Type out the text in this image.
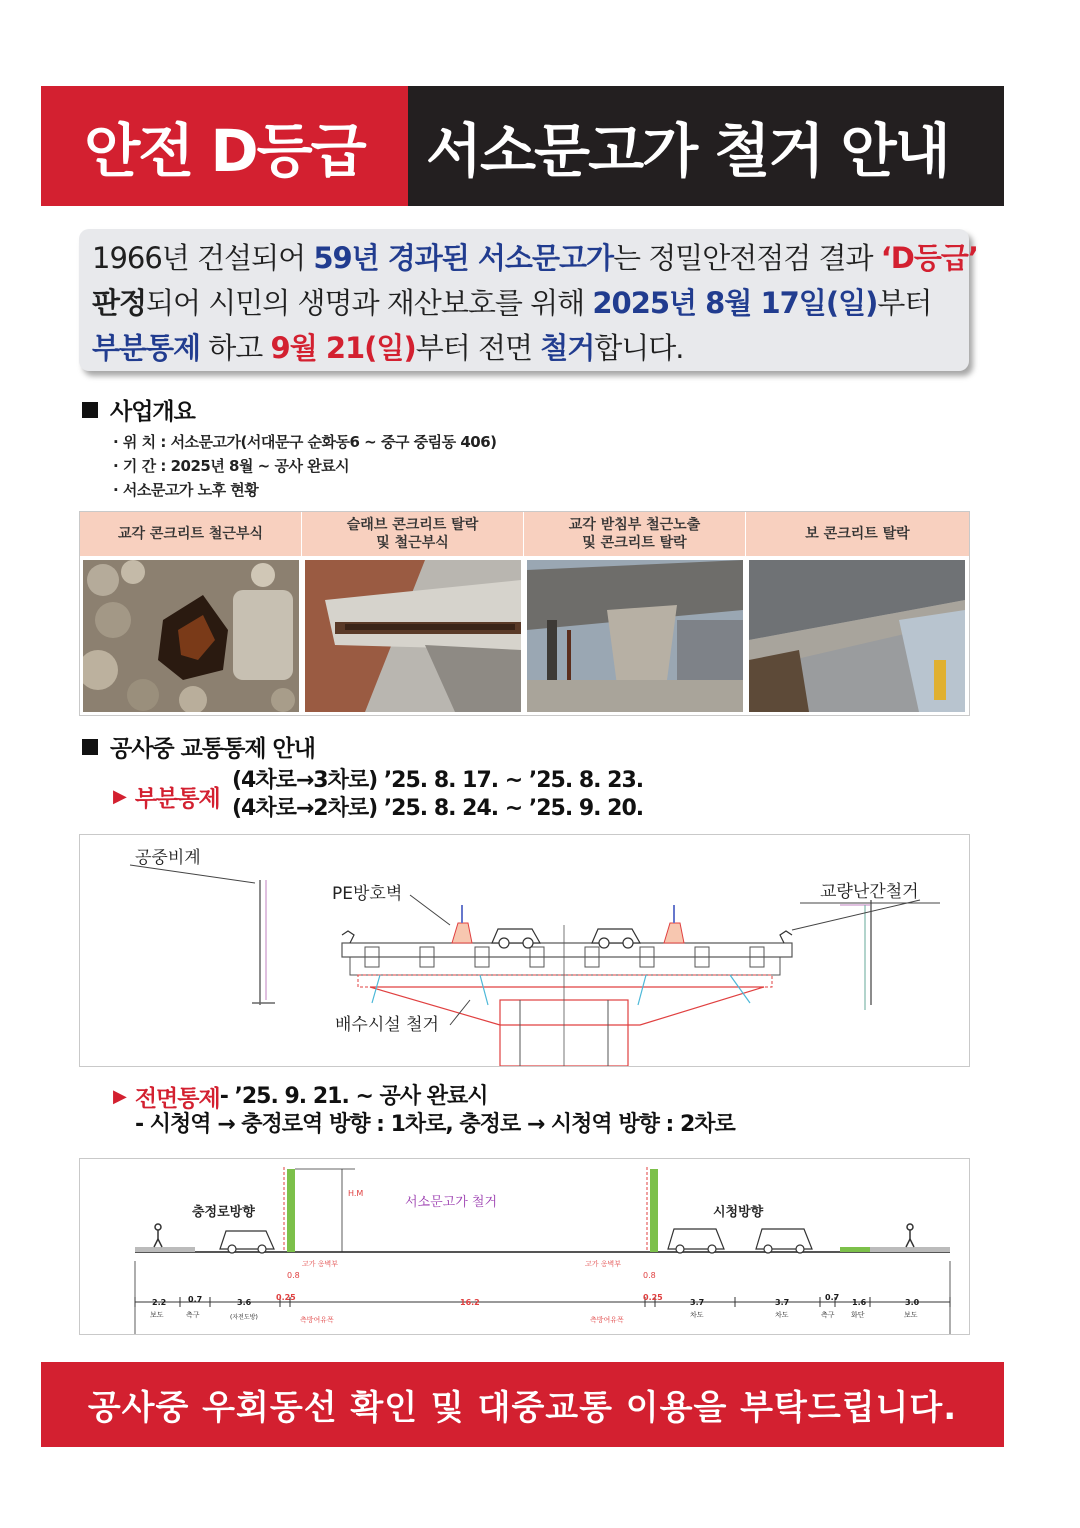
안전 D등급	서소문고가 철거 안내
1966년 건설되어 59년 경과된 서소문고가는 정밀안전점검 결과 ‘D등급’
판정되어 시민의 생명과 재산보호를 위해 2025년 8월 17일(일)부터
부분통제 하고 9월 21(일)부터 전면 철거합니다.
사업개요
· 위 치 : 서소문고가(서대문구 순화동6 ~ 중구 중림동 406)
· 기 간 : 2025년 8월 ~ 공사 완료시
· 서소문고가 노후 현황
교각 콘크리트 철근부식
슬래브 콘크리트 탈락
및 철근부식
교각 받침부 철근노출
및 콘크리트 탈락
보 콘크리트 탈락
공사중 교통통제 안내
▶ 부분통제
(4차로→3차로) ’25. 8. 17. ~ ’25. 8. 23.
(4차로→2차로) ’25. 8. 24. ~ ’25. 9. 20.
공중비계
PE방호벽	교량난간철거
배수시설 철거
▶ 전면통제 - ’25. 9. 21. ~ 공사 완료시
- 시청역 → 충정로역 방향 : 1차로, 충정로 → 시청역 방향 : 2차로
충정로방향
서소문고가 철거
시청방향
H.M
고가 옹벽부	고가 옹벽부
0.8	0.8
측방여유폭	측방여유폭
2.2	0.7	3.6
0.25
16.2
0.25
3.7	3.7
0.7
1.6	3.0
보도	측구	(자전도방)	차도	차도	측구 화단	보도
공사중 우회동선 확인 및 대중교통 이용을 부탁드립니다.
